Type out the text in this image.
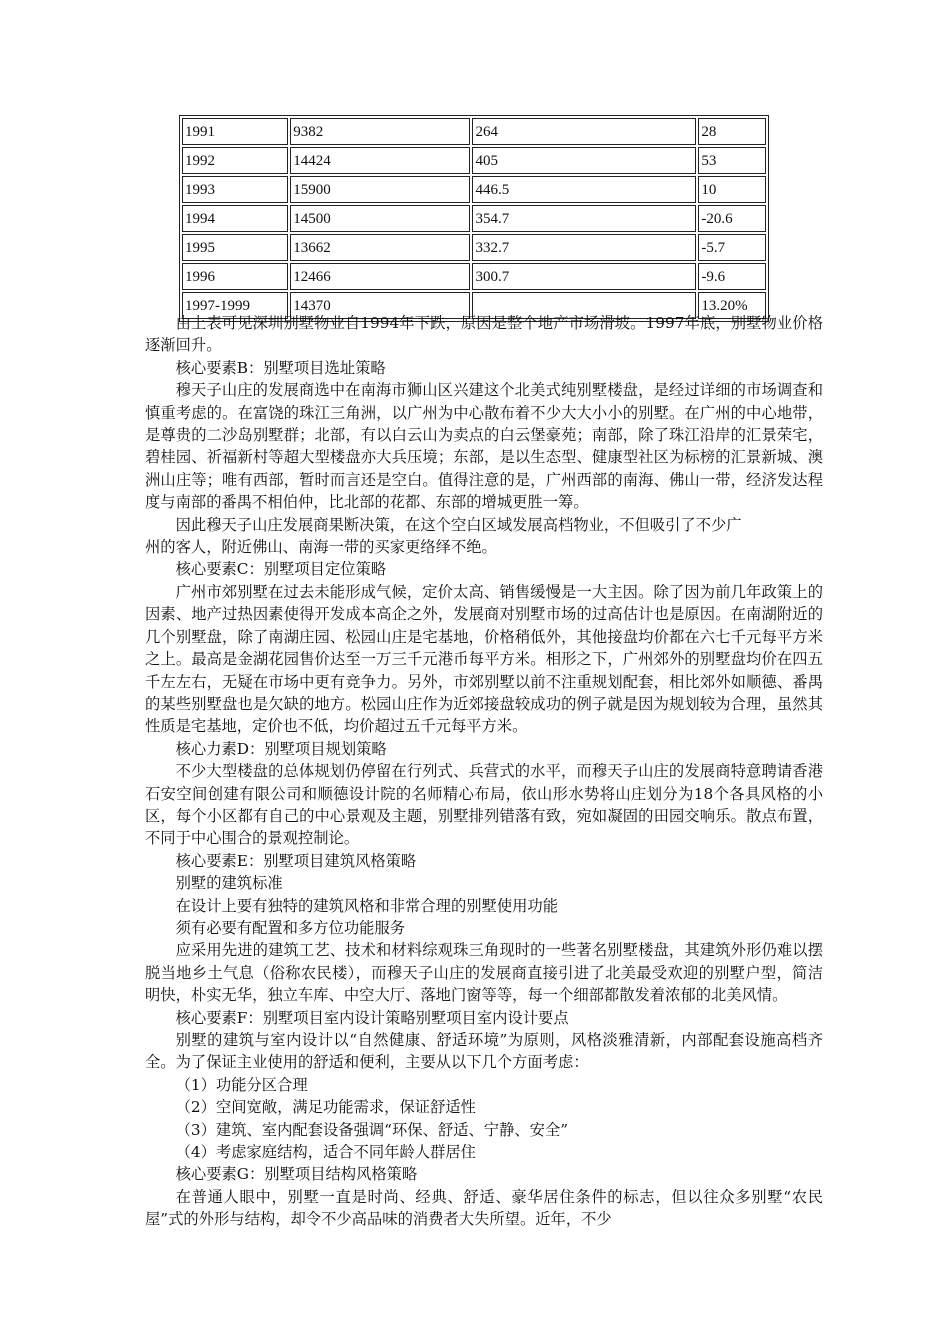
1991	9382	264	28
1992	14424	405	53
1993	15900	446.5	10
1994	14500	354.7	-20.6
1995	13662	332.7	-5.7
1996	12466	300.7	-9.6
1997-1999	14370		13.20%

由上表可见深圳别墅物业自1994年下跌，原因是整个地产市场滑坡。1997年底，别墅物业价格逐渐回升。

核心要素B：别墅项目选址策略

穆天子山庄的发展商选中在南海市狮山区兴建这个北美式纯别墅楼盘，是经过详细的市场调查和慎重考虑的。在富饶的珠江三角洲，以广州为中心散布着不少大大小小的别墅。在广州的中心地带，是尊贵的二沙岛别墅群；北部，有以白云山为卖点的白云堡豪苑；南部，除了珠江沿岸的汇景荣宅，碧桂园、祈福新村等超大型楼盘亦大兵压境；东部，是以生态型、健康型社区为标榜的汇景新城、澳洲山庄等；唯有西部，暂时而言还是空白。值得注意的是，广州西部的南海、佛山一带，经济发达程度与南部的番禺不相伯仲，比北部的花都、东部的增城更胜一筹。

因此穆天子山庄发展商果断决策，在这个空白区域发展高档物业，不但吸引了不少广

州的客人，附近佛山、南海一带的买家更络绎不绝。

核心要素C：别墅项目定位策略

广州市郊别墅在过去未能形成气候，定价太高、销售缓慢是一大主因。除了因为前几年政策上的因素、地产过热因素使得开发成本高企之外，发展商对别墅市场的过高估计也是原因。在南湖附近的几个别墅盘，除了南湖庄园、松园山庄是宅基地，价格稍低外，其他接盘均价都在六七千元每平方米之上。最高是金湖花园售价达至一万三千元港币每平方米。相形之下，广州郊外的别墅盘均价在四五千左左右，无疑在市场中更有竞争力。另外，市郊别墅以前不注重规划配套，相比郊外如顺德、番禺的某些别墅盘也是欠缺的地方。松园山庄作为近郊接盘较成功的例子就是因为规划较为合理，虽然其性质是宅基地，定价也不低，均价超过五千元每平方米。

核心力素D：别墅项目规划策略

不少大型楼盘的总体规划仍停留在行列式、兵营式的水平，而穆天子山庄的发展商特意聘请香港石安空间创建有限公司和顺德设计院的名师精心布局，依山形水势将山庄划分为18个各具风格的小区，每个小区都有自己的中心景观及主题，别墅排列错落有致，宛如凝固的田园交响乐。散点布置，不同于中心围合的景观控制论。

核心要素E：别墅项目建筑风格策略

别墅的建筑标准

在设计上要有独特的建筑风格和非常合理的别墅使用功能

须有必要有配置和多方位功能服务

应采用先进的建筑工艺、技术和材料综观珠三角现时的一些著名别墅楼盘，其建筑外形仍难以摆脱当地乡土气息（俗称农民楼），而穆天子山庄的发展商直接引进了北美最受欢迎的别墅户型，简洁明快，朴实无华，独立车库、中空大厅、落地门窗等等，每一个细部都散发着浓郁的北美风情。

核心要素F：别墅项目室内设计策略别墅项目室内设计要点

别墅的建筑与室内设计以“自然健康、舒适环境”为原则，风格淡雅清新，内部配套设施高档齐全。为了保证主业使用的舒适和便利，主要从以下几个方面考虑：

（1）功能分区合理

（2）空间宽敞，满足功能需求，保证舒适性

（3）建筑、室内配套设备强调“环保、舒适、宁静、安全”

（4）考虑家庭结构，适合不同年龄人群居住

核心要素G：别墅项目结构风格策略

在普通人眼中，别墅一直是时尚、经典、舒适、豪华居住条件的标志，但以往众多别墅“农民屋”式的外形与结构，却令不少高品味的消费者大失所望。近年，不少
